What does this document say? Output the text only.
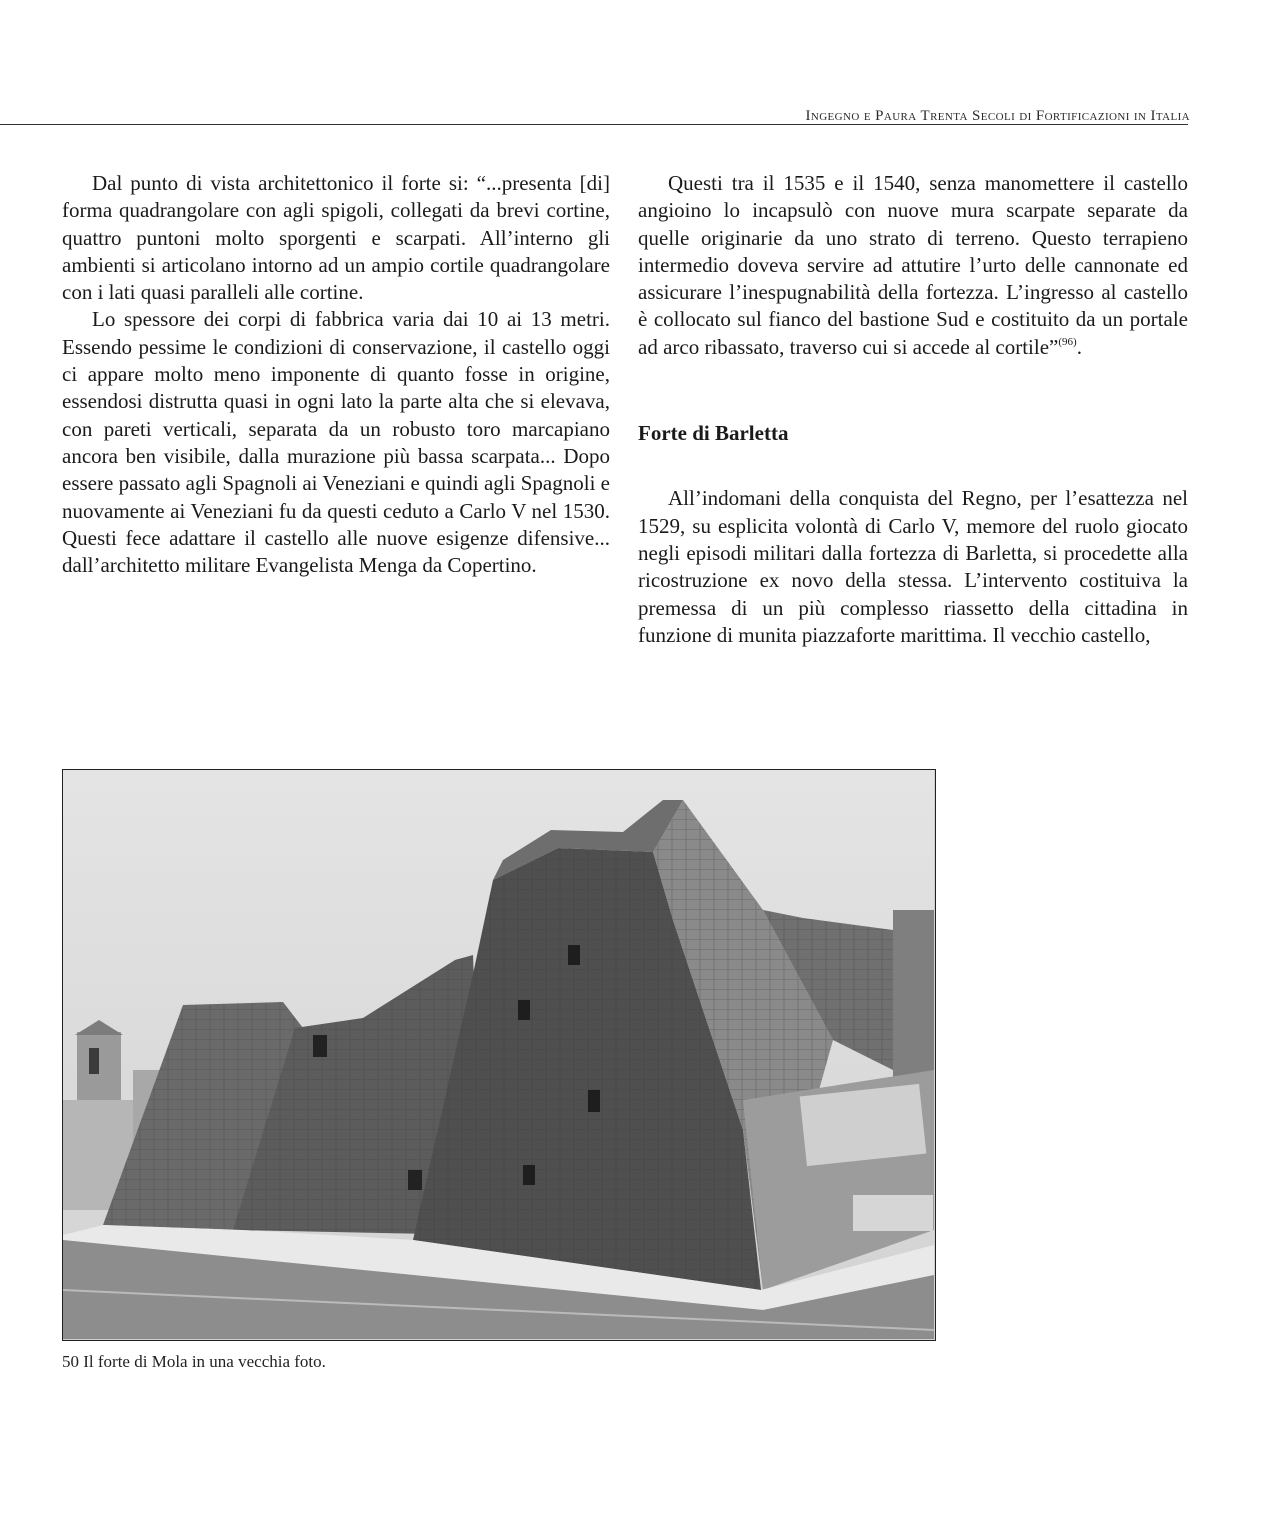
Ingegno e Paura Trenta Secoli di Fortificazioni in Italia

Dal punto di vista architettonico il forte si: “...presenta [di] forma quadrangolare con agli spigoli, collegati da brevi cortine, quattro puntoni molto sporgenti e scarpati. All’interno gli ambienti si articolano intorno ad un ampio cortile quadrangolare con i lati quasi paralleli alle cortine.

Lo spessore dei corpi di fabbrica varia dai 10 ai 13 metri. Essendo pessime le condizioni di conservazione, il castello oggi ci appare molto meno imponente di quanto fosse in origine, essendosi distrutta quasi in ogni lato la parte alta che si elevava, con pareti verticali, separata da un robusto toro marcapiano ancora ben visibile, dalla murazione più bassa scarpata... Dopo essere passato agli Spagnoli ai Veneziani e quindi agli Spagnoli e nuovamente ai Veneziani fu da questi ceduto a Carlo V nel 1530. Questi fece adattare il castello alle nuove esigenze difensive... dall’architetto militare Evangelista Menga da Copertino.

Questi tra il 1535 e il 1540, senza manomettere il castello angioino lo incapsulò con nuove mura scarpate separate da quelle originarie da uno strato di terreno. Questo terrapieno intermedio doveva servire ad attutire l’urto delle cannonate ed assicurare l’inespugnabilità della fortezza. L’ingresso al castello è collocato sul fianco del bastione Sud e costituito da un portale ad arco ribassato, traverso cui si accede al cortile”$^{(96)}$.

Forte di Barletta

All’indomani della conquista del Regno, per l’esattezza nel 1529, su esplicita volontà di Carlo V, memore del ruolo giocato negli episodi militari dalla fortezza di Barletta, si procedette alla ricostruzione ex novo della stessa. L’intervento costituiva la premessa di un più complesso riassetto della cittadina in funzione di munita piazzaforte marittima. Il vecchio castello,

50 Il forte di Mola in una vecchia foto.
